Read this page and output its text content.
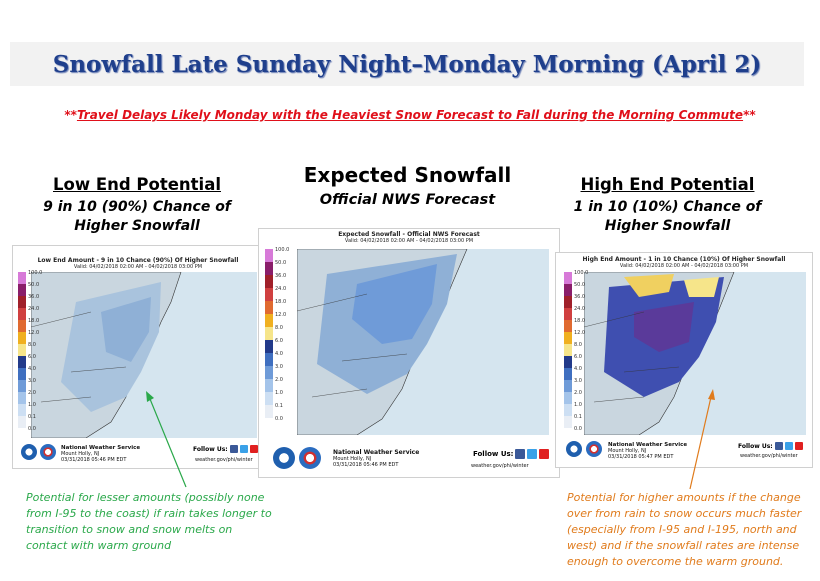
Snowfall Late Sunday Night–Monday Morning (April 2)
**Travel Delays Likely Monday with the Heaviest Snow Forecast to Fall during the Morning Commute**
Low End Potential
9 in 10 (90%) Chance of
Higher Snowfall
Low End Amount - 9 in 10 Chance (90%) Of Higher Snowfall
Valid: 04/02/2018 02:00 AM - 04/02/2018 03:00 PM
National Weather Service
Mount Holly, NJ
03/31/2018 05:46 PM EDT
Follow Us:
weather.gov/phi/winter
100.0
50.0
36.0
24.0
18.0
12.0
8.0
6.0
4.0
3.0
2.0
1.0
0.1
0.0
Expected Snowfall
Official NWS Forecast
Expected Snowfall - Official NWS Forecast
Valid: 04/02/2018 02:00 AM - 04/02/2018 03:00 PM
National Weather Service
Mount Holly, NJ
03/31/2018 05:46 PM EDT
Follow Us:
weather.gov/phi/winter
100.0
50.0
36.0
24.0
18.0
12.0
8.0
6.0
4.0
3.0
2.0
1.0
0.1
0.0
High End Potential
1 in 10 (10%) Chance of
Higher Snowfall
High End Amount - 1 in 10 Chance (10%) Of Higher Snowfall
Valid: 04/02/2018 02:00 AM - 04/02/2018 03:00 PM
National Weather Service
Mount Holly, NJ
03/31/2018 05:47 PM EDT
Follow Us:
weather.gov/phi/winter
100.0
50.0
36.0
24.0
18.0
12.0
8.0
6.0
4.0
3.0
2.0
1.0
0.1
0.0
Potential for lesser amounts (possibly none from I-95 to the coast) if rain takes longer to transition to snow and snow melts on contact with warm ground
Potential for higher amounts if the change over from rain to snow occurs much faster (especially from I-95 and I-195, north and west) and if the snowfall rates are intense enough to overcome the warm ground.
